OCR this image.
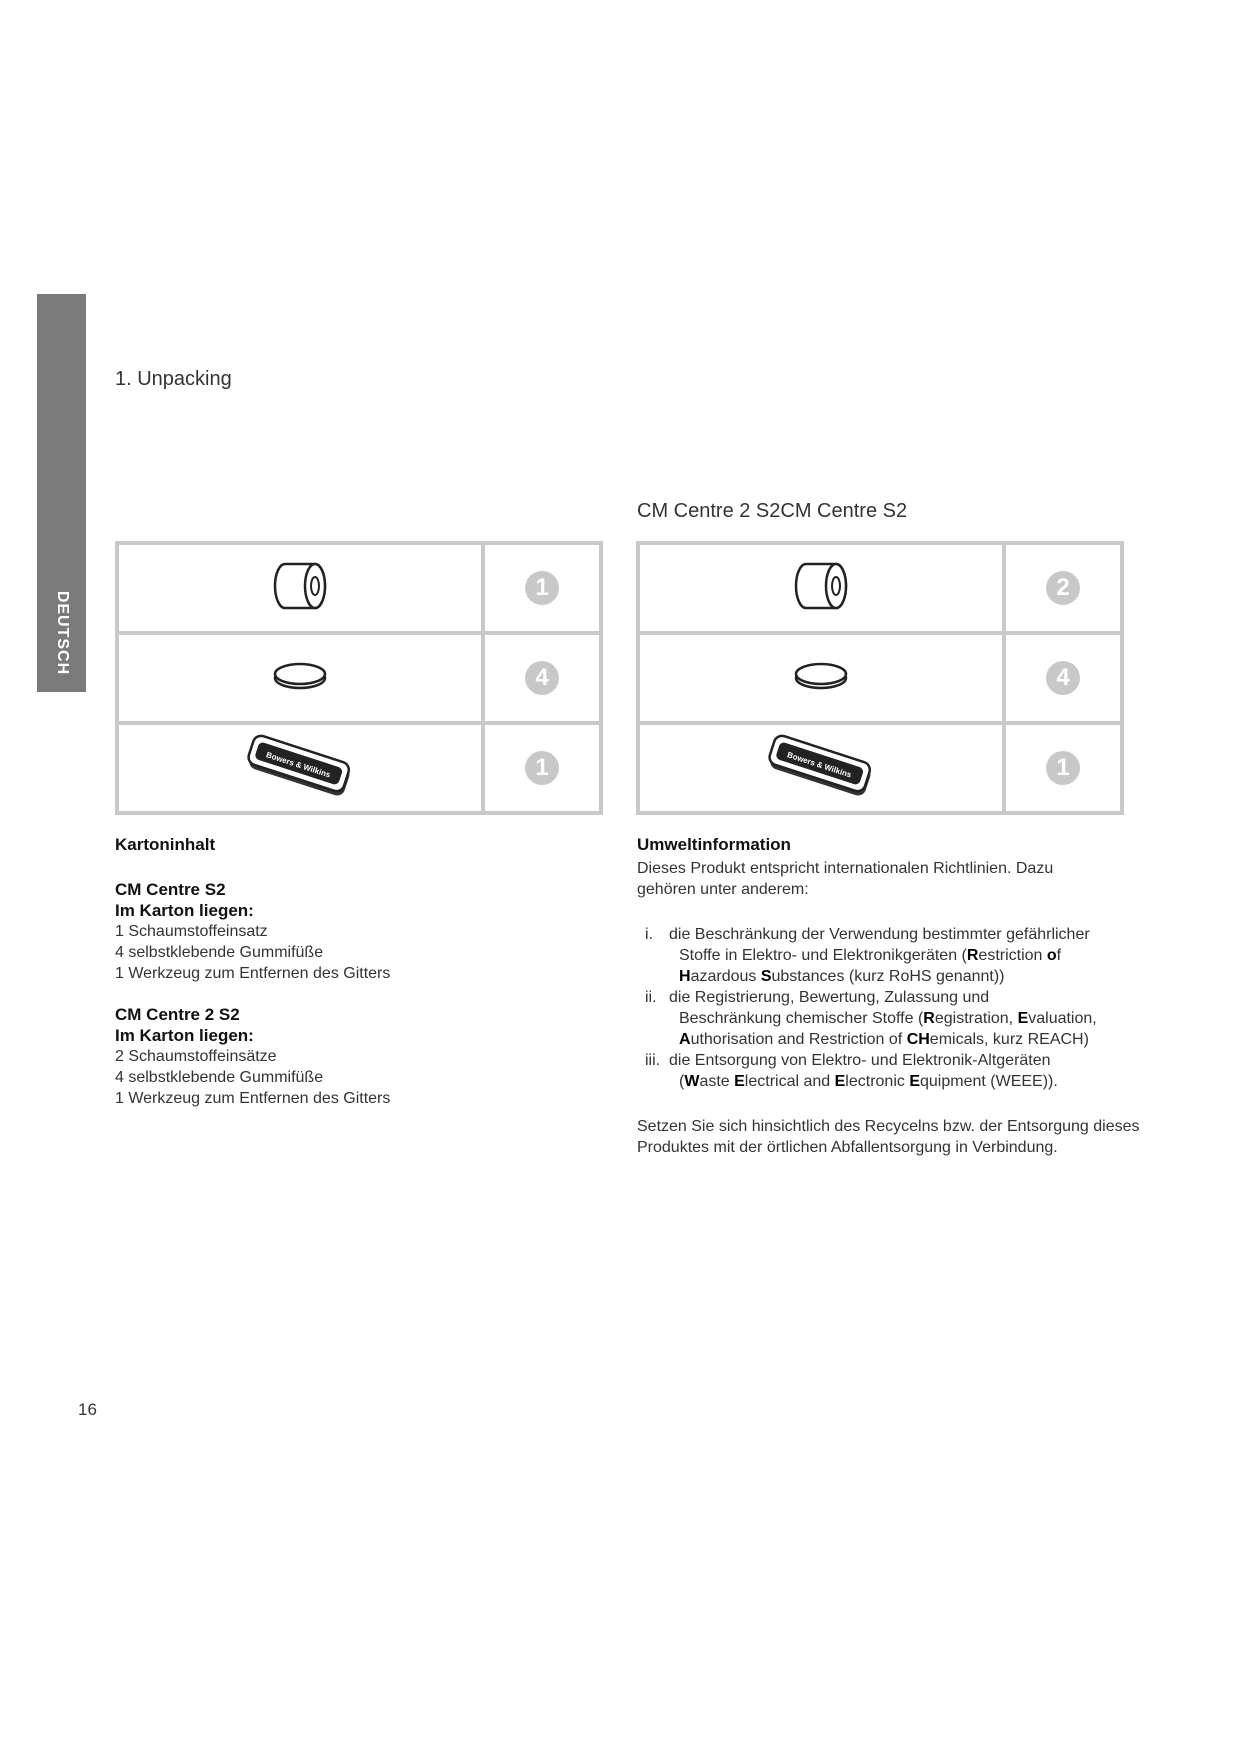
DEUTSCH
1. Unpacking
CM Centre 2 S2CM Centre S2
	1
	4

Bowers & Wilkins	1
	2
	4

Bowers & Wilkins	1

Kartoninhalt

CM Centre S2

Im Karton liegen:

1 Schaumstoffeinsatz

4 selbstklebende Gummifüße

1 Werkzeug zum Entfernen des Gitters

CM Centre 2 S2

Im Karton liegen:

2 Schaumstoffeinsätze

4 selbstklebende Gummifüße

1 Werkzeug zum Entfernen des Gitters

Umweltinformation

Dieses Produkt entspricht internationalen Richtlinien. Dazu gehören unter anderem:

i. die Beschränkung der Verwendung bestimmter gefährlicher
Stoffe in Elektro- und Elektronikgeräten (Restriction of
Hazardous Substances (kurz RoHS genannt))
ii. die Registrierung, Bewertung, Zulassung und
Beschränkung chemischer Stoffe (Registration, Evaluation,
Authorisation and Restriction of CHemicals, kurz REACH)
iii. die Entsorgung von Elektro- und Elektronik-Altgeräten
(Waste Electrical and Electronic Equipment (WEEE)).

Setzen Sie sich hinsichtlich des Recycelns bzw. der Entsorgung dieses Produktes mit der örtlichen Abfallentsorgung in Verbindung.

16
